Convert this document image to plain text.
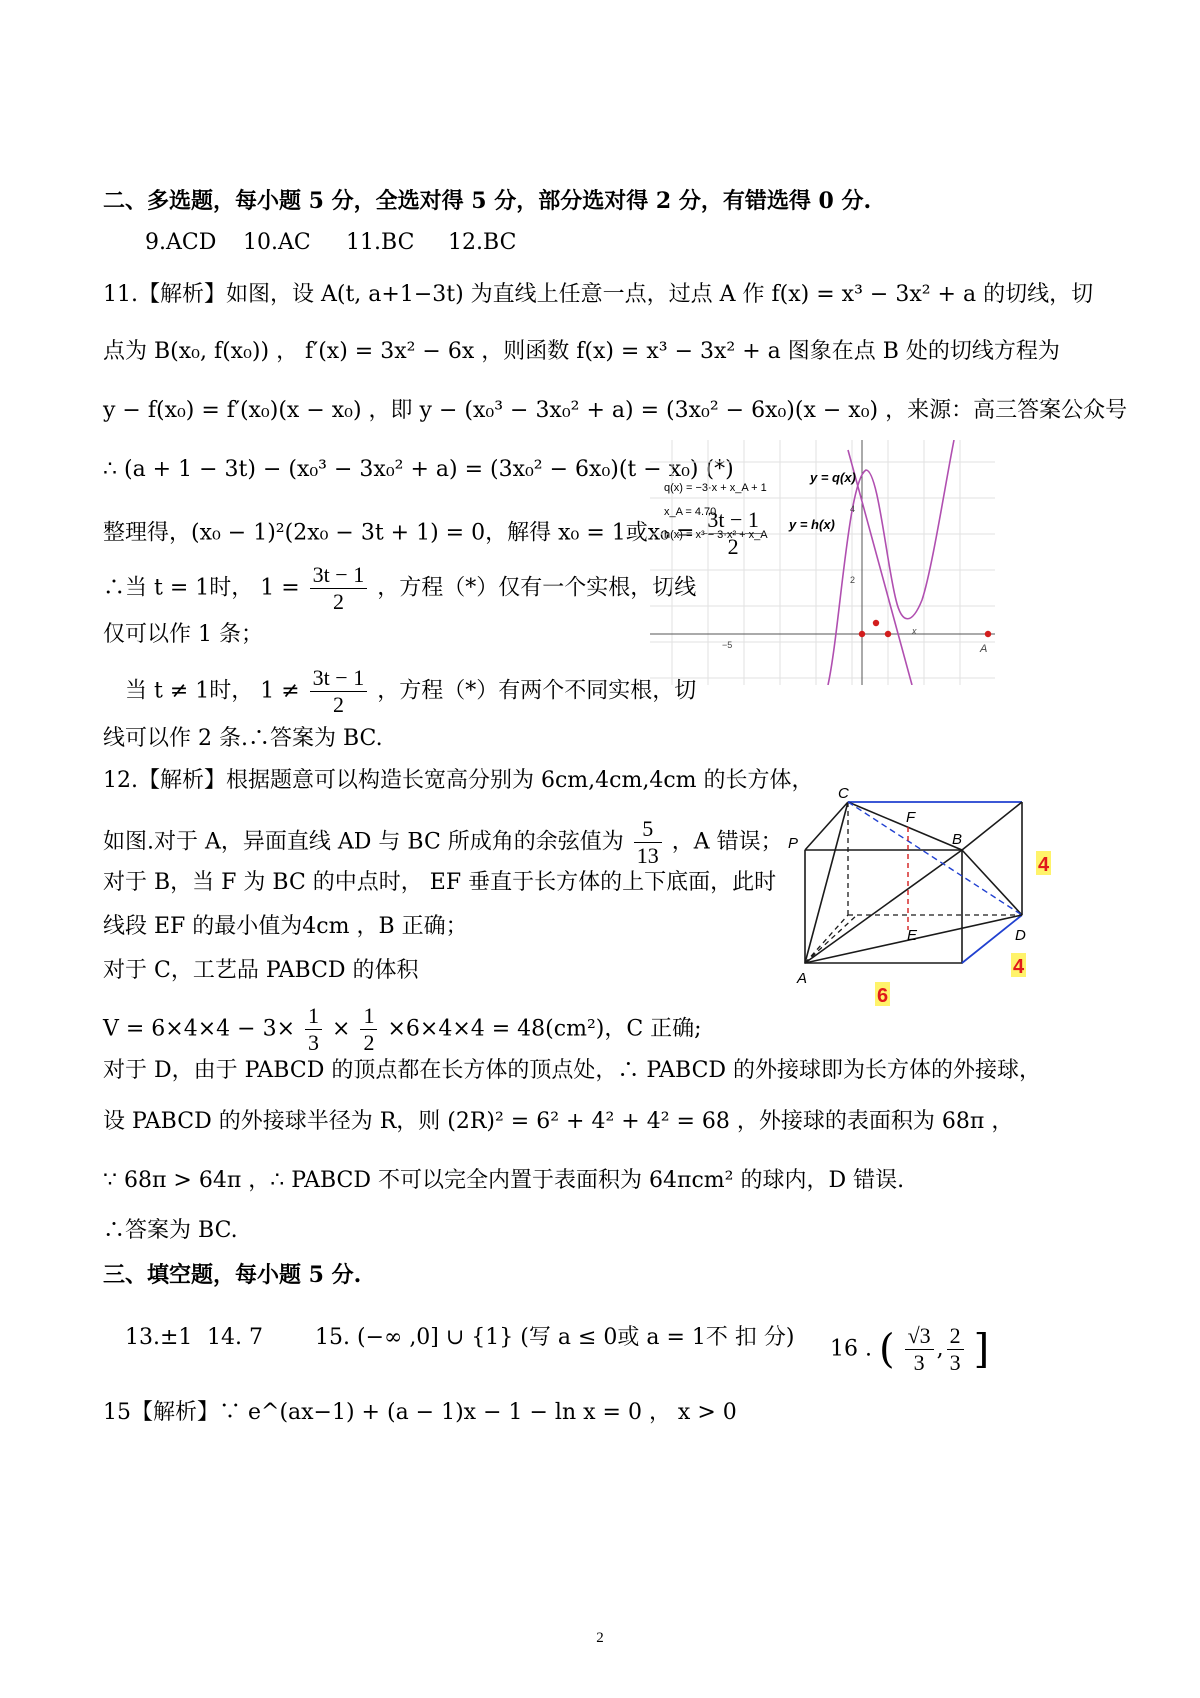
二、多选题，每小题 5 分，全选对得 5 分，部分选对得 2 分，有错选得 0 分.
9.ACD 10.AC 11.BC 12.BC
11.【解析】如图，设 A(t, a+1−3t) 为直线上任意一点，过点 A 作 f(x) = x³ − 3x² + a 的切线，切
点为 B(x₀, f(x₀)) ， f′(x) = 3x² − 6x ，则函数 f(x) = x³ − 3x² + a 图象在点 B 处的切线方程为
y − f(x₀) = f′(x₀)(x − x₀) ，即 y − (x₀³ − 3x₀² + a) = (3x₀² − 6x₀)(x − x₀) ，来源：高三答案公众号
∴ (a + 1 − 3t) − (x₀³ − 3x₀² + a) = (3x₀² − 6x₀)(t − x₀) (*)
整理得，(x₀ − 1)²(2x₀ − 3t + 1) = 0，解得 x₀ = 1或$x_0 = \frac{3t - 1}{2}$
∴当 t = 1时， $1 = \frac{3t - 1}{2}$ ，方程（*）仅有一个实根，切线
仅可以作 1 条；
当 t ≠ 1时， $1 \ne \frac{3t - 1}{2}$ ，方程（*）有两个不同实根，切
线可以作 2 条.∴答案为 BC.
q(x) = −3·x + x_A + 1
x_A = 4.70
h(x) = x³ − 3·x² + x_A
y = q(x)
y = h(x)
−5
2
4
x
A
12.【解析】根据题意可以构造长宽高分别为 6cm,4cm,4cm 的长方体，
如图.对于 A，异面直线 AD 与 BC 所成角的余弦值为 $\frac{5}{13}$ ，A 错误；
对于 B，当 F 为 BC 的中点时， EF 垂直于长方体的上下底面，此时
线段 EF 的最小值为4cm ，B 正确；
对于 C，工艺品 PABCD 的体积
$V = 6\times 4\times 4 - 3\times \frac{1}{3} \times \frac{1}{2} \times 6\times 4\times 4 = 48(cm^2)$，C 正确;
对于 D，由于 PABCD 的顶点都在长方体的顶点处，∴ PABCD 的外接球即为长方体的外接球，
设 PABCD 的外接球半径为 R，则 (2R)² = 6² + 4² + 4² = 68 ，外接球的表面积为 68π ，
∵ 68π > 64π ，∴ PABCD 不可以完全内置于表面积为 64πcm² 的球内，D 错误.
∴答案为 BC.
C
F
B
P
E	D
A
4
4
6
三、填空题，每小题 5 分.
13.±1 14. 7 15. (−∞ ,0] ∪ {1} (写 a ≤ 0或 a = 1不 扣 分) 16 . ( $\frac{√3}{3}$ , $\frac{2}{3}$ ]
15【解析】∵ e^(ax−1) + (a − 1)x − 1 − ln x = 0 ， x > 0
2
